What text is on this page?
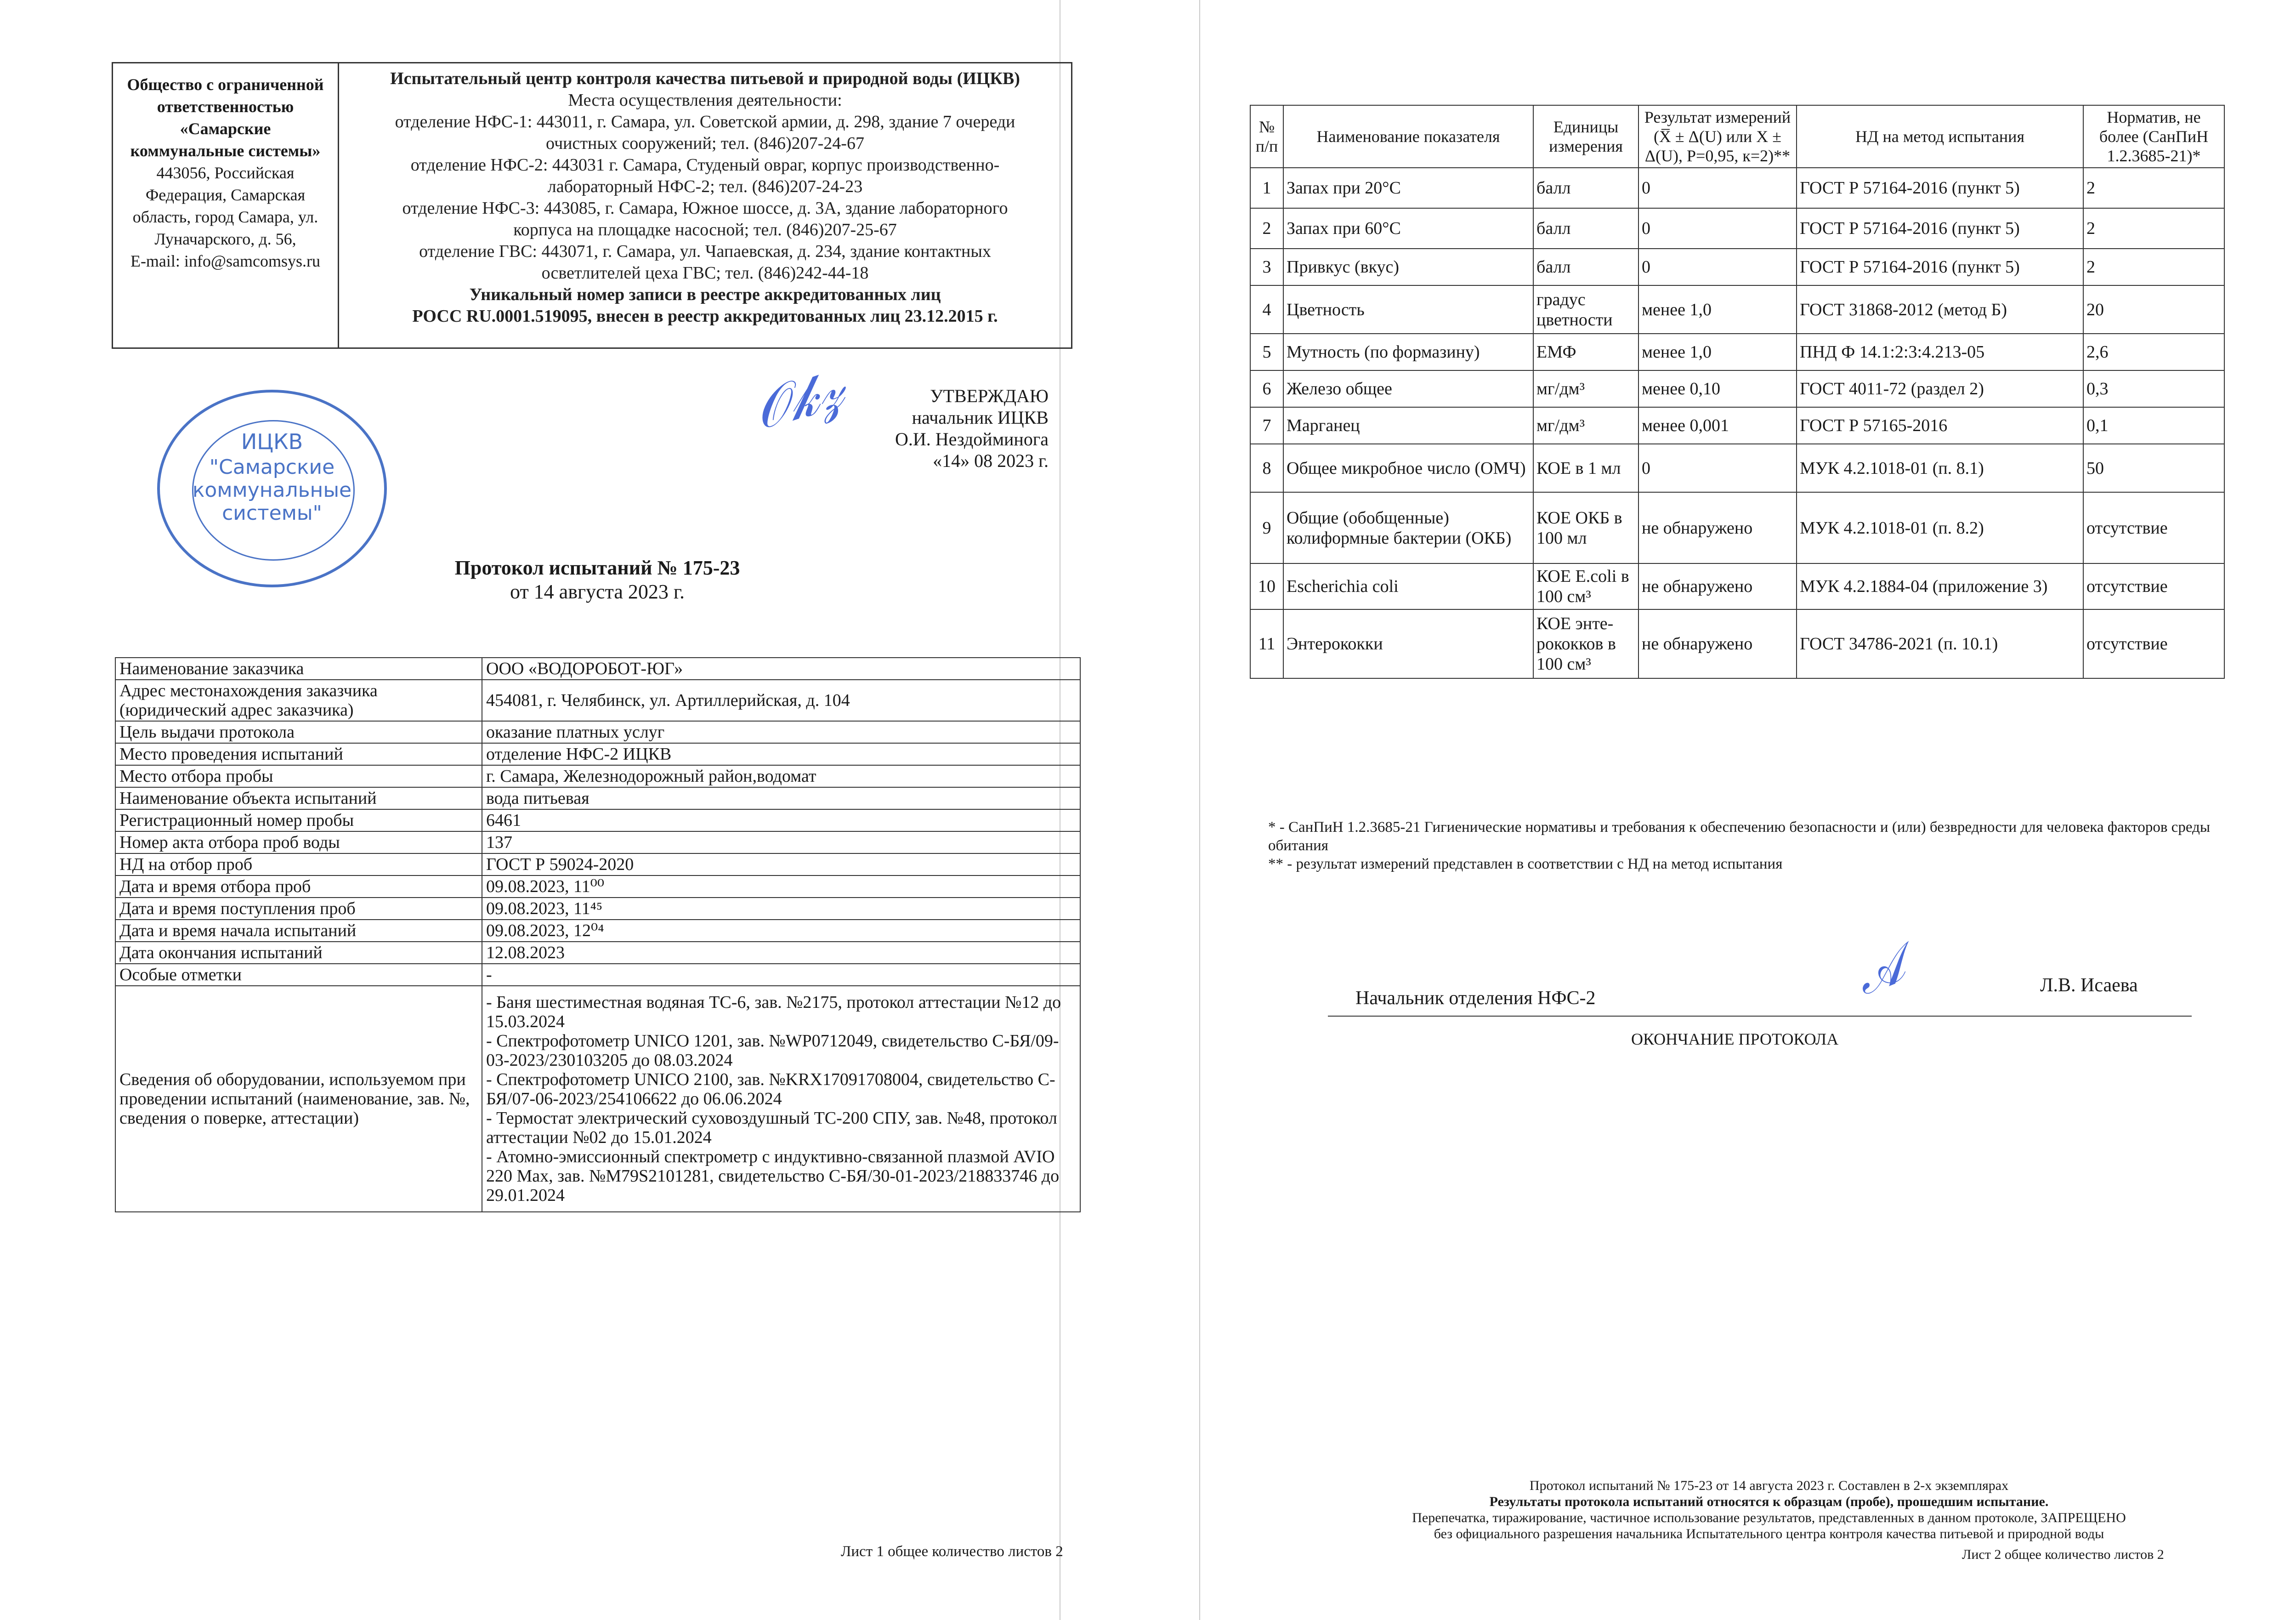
Общество с ограниченной
ответственностью
«Самарские
коммунальные системы»
443056, Российская
Федерация, Самарская
область, город Самара, ул.
Луначарского, д. 56,
E-mail: info@samcomsys.ru
Испытательный центр контроля качества питьевой и природной воды (ИЦКВ)
Места осуществления деятельности:
отделение НФС-1: 443011, г. Самара, ул. Советской армии, д. 298, здание 7 очереди
очистных сооружений; тел. (846)207-24-67
отделение НФС-2: 443031 г. Самара, Студеный овраг, корпус производственно-
лабораторный НФС-2; тел. (846)207-24-23
отделение НФС-3: 443085, г. Самара, Южное шоссе, д. 3А, здание лабораторного
корпуса на площадке насосной; тел. (846)207-25-67
отделение ГВС: 443071, г. Самара, ул. Чапаевская, д. 234, здание контактных
осветлителей цеха ГВС; тел. (846)242-44-18
Уникальный номер записи в реестре аккредитованных лиц
РОСС RU.0001.519095, внесен в реестр аккредитованных лиц 23.12.2015 г.
ИЦКВ
"Самарские
коммунальные
системы"
𝒪𝓀𝓏	УТВЕРЖДАЮ
начальник ИЦКВ
О.И. Нездойминога
«14» 08 2023 г.
Протокол испытаний № 175-23
от 14 августа 2023 г.
Наименование заказчика	ООО «ВОДОРОБОТ-ЮГ»
Адрес местонахождения заказчика (юридический адрес заказчика)	454081, г. Челябинск, ул. Артиллерийская, д. 104
Цель выдачи протокола	оказание платных услуг
Место проведения испытаний	отделение НФС-2 ИЦКВ
Место отбора пробы	г. Самара, Железнодорожный район,водомат
Наименование объекта испытаний	вода питьевая
Регистрационный номер пробы	6461
Номер акта отбора проб воды	137
НД на отбор проб	ГОСТ Р 59024-2020
Дата и время отбора проб	09.08.2023, 11⁰⁰
Дата и время поступления проб	09.08.2023, 11⁴⁵
Дата и время начала испытаний	09.08.2023, 12⁰⁴
Дата окончания испытаний	12.08.2023
Особые отметки	-
Сведения об оборудовании, используемом при проведении испытаний (наименование, зав. №, сведения о поверке, аттестации)	- Баня шестиместная водяная ТС-6, зав. №2175, протокол аттестации №12 до 15.03.2024
- Спектрофотометр UNICO 1201, зав. №WP0712049, свидетельство С-БЯ/09-03-2023/230103205 до 08.03.2024
- Спектрофотометр UNICO 2100, зав. №KRX17091708004, свидетельство С-БЯ/07-06-2023/254106622 до 06.06.2024
- Термостат электрический суховоздушный ТС-200 СПУ, зав. №48, протокол аттестации №02 до 15.01.2024
- Атомно-эмиссионный спектрометр с индуктивно-связанной плазмой AVIO 220 Max, зав. №M79S2101281, свидетельство С-БЯ/30-01-2023/218833746 до 29.01.2024
Лист 1 общее количество листов 2
№ п/п	Наименование показателя	Единицы измерения	Результат измерений (X̅ ± Δ(U) или X ± Δ(U), P=0,95, к=2)**	НД на метод испытания	Норматив, не более (СанПиН 1.2.3685-21)*
1	Запах при 20°С	балл	0	ГОСТ Р 57164-2016 (пункт 5)	2
2	Запах при 60°С	балл	0	ГОСТ Р 57164-2016 (пункт 5)	2
3	Привкус (вкус)	балл	0	ГОСТ Р 57164-2016 (пункт 5)	2
4	Цветность	градус цветности	менее 1,0	ГОСТ 31868-2012 (метод Б)	20
5	Мутность (по формазину)	ЕМФ	менее 1,0	ПНД Ф 14.1:2:3:4.213-05	2,6
6	Железо общее	мг/дм³	менее 0,10	ГОСТ 4011-72 (раздел 2)	0,3
7	Марганец	мг/дм³	менее 0,001	ГОСТ Р 57165-2016	0,1
8	Общее микробное число (ОМЧ)	КОЕ в 1 мл	0	МУК 4.2.1018-01 (п. 8.1)	50
9	Общие (обобщенные) колиформные бактерии (ОКБ)	КОЕ ОКБ в 100 мл	не обнаружено	МУК 4.2.1018-01 (п. 8.2)	отсутствие
10	Escherichia coli	КОЕ E.coli в 100 см³	не обнаружено	МУК 4.2.1884-04 (приложение 3)	отсутствие
11	Энтерококки	КОЕ энте-рококков в 100 см³	не обнаружено	ГОСТ 34786-2021 (п. 10.1)	отсутствие
* - СанПиН 1.2.3685-21 Гигиенические нормативы и требования к обеспечению безопасности и (или) безвредности для человека факторов среды обитания
** - результат измерений представлен в соответствии с НД на метод испытания
Начальник отделения НФС-2	𝒜	Л.В. Исаева
ОКОНЧАНИЕ ПРОТОКОЛА
Протокол испытаний № 175-23 от 14 августа 2023 г. Составлен в 2-х экземплярах
Результаты протокола испытаний относятся к образцам (пробе), прошедшим испытание.
Перепечатка, тиражирование, частичное использование результатов, представленных в данном протоколе, ЗАПРЕЩЕНО
без официального разрешения начальника Испытательного центра контроля качества питьевой и природной воды
Лист 2 общее количество листов 2
